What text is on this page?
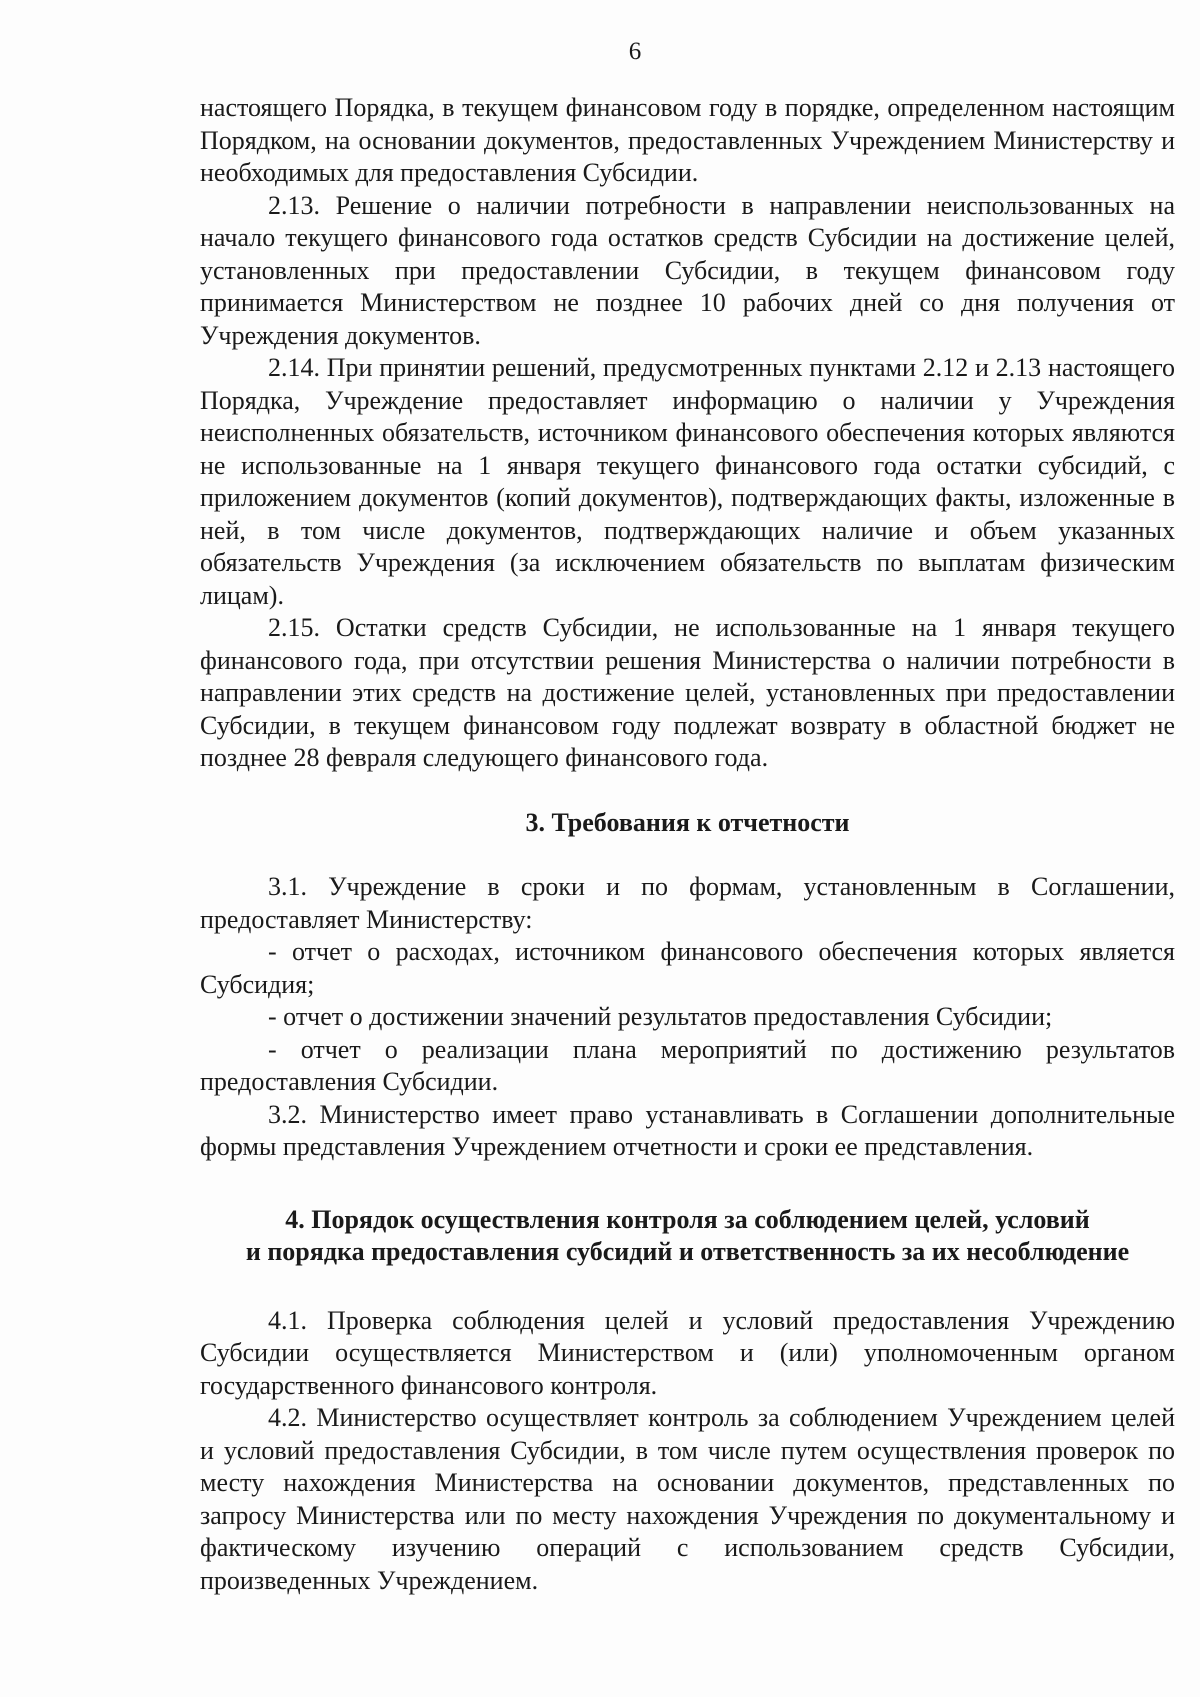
6

настоящего Порядка, в текущем финансовом году в порядке, определенном настоящим Порядком, на основании документов, предоставленных Учреждением Министерству и необходимых для предоставления Субсидии.

2.13. Решение о наличии потребности в направлении неиспользованных на начало текущего финансового года остатков средств Субсидии на достижение целей, установленных при предоставлении Субсидии, в текущем финансовом году принимается Министерством не позднее 10 рабочих дней со дня получения от Учреждения документов.

2.14. При принятии решений, предусмотренных пунктами 2.12 и 2.13 настоящего Порядка, Учреждение предоставляет информацию о наличии у Учреждения неисполненных обязательств, источником финансового обеспечения которых являются не использованные на 1 января текущего финансового года остатки субсидий, с приложением документов (копий документов), подтверждающих факты, изложенные в ней, в том числе документов, подтверждающих наличие и объем указанных обязательств Учреждения (за исключением обязательств по выплатам физическим лицам).

2.15. Остатки средств Субсидии, не использованные на 1 января текущего финансового года, при отсутствии решения Министерства о наличии потребности в направлении этих средств на достижение целей, установленных при предоставлении Субсидии, в текущем финансовом году подлежат возврату в областной бюджет не позднее 28 февраля следующего финансового года.

3. Требования к отчетности

3.1. Учреждение в сроки и по формам, установленным в Соглашении, предоставляет Министерству:

- отчет о расходах, источником финансового обеспечения которых является Субсидия;

- отчет о достижении значений результатов предоставления Субсидии;

- отчет о реализации плана мероприятий по достижению результатов предоставления Субсидии.

3.2. Министерство имеет право устанавливать в Соглашении дополнительные формы представления Учреждением отчетности и сроки ее представления.

4. Порядок осуществления контроля за соблюдением целей, условий
и порядка предоставления субсидий и ответственность за их несоблюдение

4.1. Проверка соблюдения целей и условий предоставления Учреждению Субсидии осуществляется Министерством и (или) уполномоченным органом государственного финансового контроля.

4.2. Министерство осуществляет контроль за соблюдением Учреждением целей и условий предоставления Субсидии, в том числе путем осуществления проверок по месту нахождения Министерства на основании документов, представленных по запросу Министерства или по месту нахождения Учреждения по документальному и фактическому изучению операций с использованием средств Субсидии, произведенных Учреждением.
